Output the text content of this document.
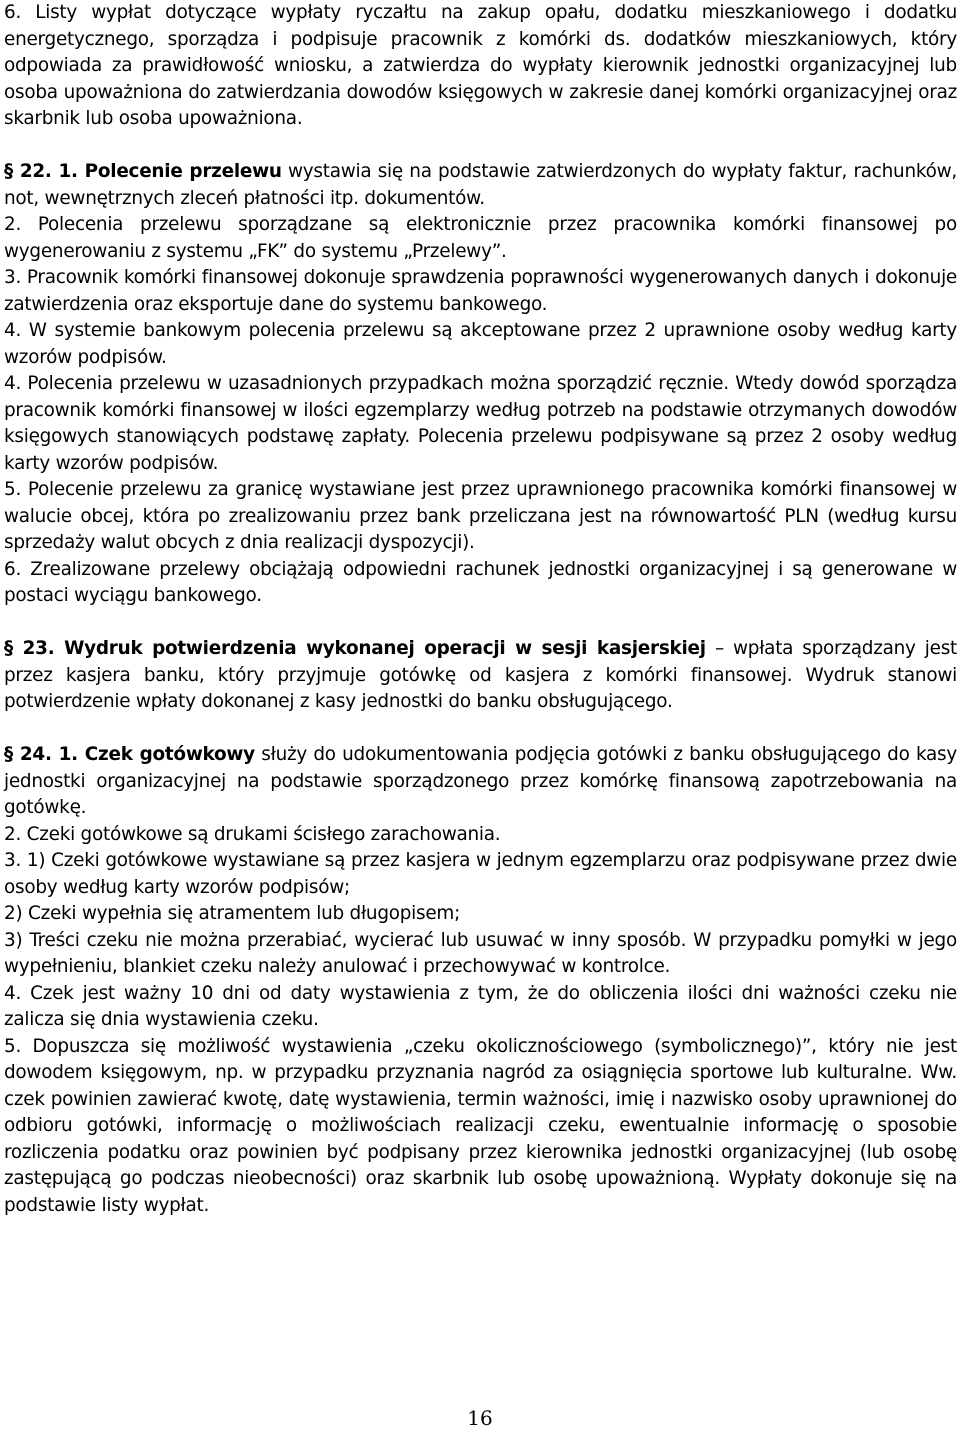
6. Listy wypłat dotyczące wypłaty ryczałtu na zakup opału, dodatku mieszkaniowego i dodatku energetycznego, sporządza i podpisuje pracownik z komórki ds. dodatków mieszkaniowych, który odpowiada za prawidłowość wniosku, a zatwierdza do wypłaty kierownik jednostki organizacyjnej lub osoba upoważniona do zatwierdzania dowodów księgowych w zakresie danej komórki organizacyjnej oraz skarbnik lub osoba upoważniona.

§ 22. 1. Polecenie przelewu wystawia się na podstawie zatwierdzonych do wypłaty faktur, rachunków, not, wewnętrznych zleceń płatności itp. dokumentów.

2. Polecenia przelewu sporządzane są elektronicznie przez pracownika komórki finansowej po wygenerowaniu z systemu „FK” do systemu „Przelewy”.

3. Pracownik komórki finansowej dokonuje sprawdzenia poprawności wygenerowanych danych i dokonuje zatwierdzenia oraz eksportuje dane do systemu bankowego.

4. W systemie bankowym polecenia przelewu są akceptowane przez 2 uprawnione osoby według karty wzorów podpisów.

4. Polecenia przelewu w uzasadnionych przypadkach można sporządzić ręcznie. Wtedy dowód sporządza pracownik komórki finansowej w ilości egzemplarzy według potrzeb na podstawie otrzymanych dowodów księgowych stanowiących podstawę zapłaty. Polecenia przelewu podpisywane są przez 2 osoby według karty wzorów podpisów.

5. Polecenie przelewu za granicę wystawiane jest przez uprawnionego pracownika komórki finansowej w walucie obcej, która po zrealizowaniu przez bank przeliczana jest na równowartość PLN (według kursu sprzedaży walut obcych z dnia realizacji dyspozycji).

6. Zrealizowane przelewy obciążają odpowiedni rachunek jednostki organizacyjnej i są generowane w postaci wyciągu bankowego.

§ 23. Wydruk potwierdzenia wykonanej operacji w sesji kasjerskiej – wpłata sporządzany jest przez kasjera banku, który przyjmuje gotówkę od kasjera z komórki finansowej. Wydruk stanowi potwierdzenie wpłaty dokonanej z kasy jednostki do banku obsługującego.

§ 24. 1. Czek gotówkowy służy do udokumentowania podjęcia gotówki z banku obsługującego do kasy jednostki organizacyjnej na podstawie sporządzonego przez komórkę finansową zapotrzebowania na gotówkę.

2. Czeki gotówkowe są drukami ścisłego zarachowania.

3. 1) Czeki gotówkowe wystawiane są przez kasjera w jednym egzemplarzu oraz podpisywane przez dwie osoby według karty wzorów podpisów;

2) Czeki wypełnia się atramentem lub długopisem;

3) Treści czeku nie można przerabiać, wycierać lub usuwać w inny sposób. W przypadku pomyłki w jego wypełnieniu, blankiet czeku należy anulować i przechowywać w kontrolce.

4. Czek jest ważny 10 dni od daty wystawienia z tym, że do obliczenia ilości dni ważności czeku nie zalicza się dnia wystawienia czeku.

5. Dopuszcza się możliwość wystawienia „czeku okolicznościowego (symbolicznego)”, który nie jest dowodem księgowym, np. w przypadku przyznania nagród za osiągnięcia sportowe lub kulturalne. Ww. czek powinien zawierać kwotę, datę wystawienia, termin ważności, imię i nazwisko osoby uprawnionej do odbioru gotówki, informację o możliwościach realizacji czeku, ewentualnie informację o sposobie rozliczenia podatku oraz powinien być podpisany przez kierownika jednostki organizacyjnej (lub osobę zastępującą go podczas nieobecności) oraz skarbnik lub osobę upoważnioną. Wypłaty dokonuje się na podstawie listy wypłat.

16
